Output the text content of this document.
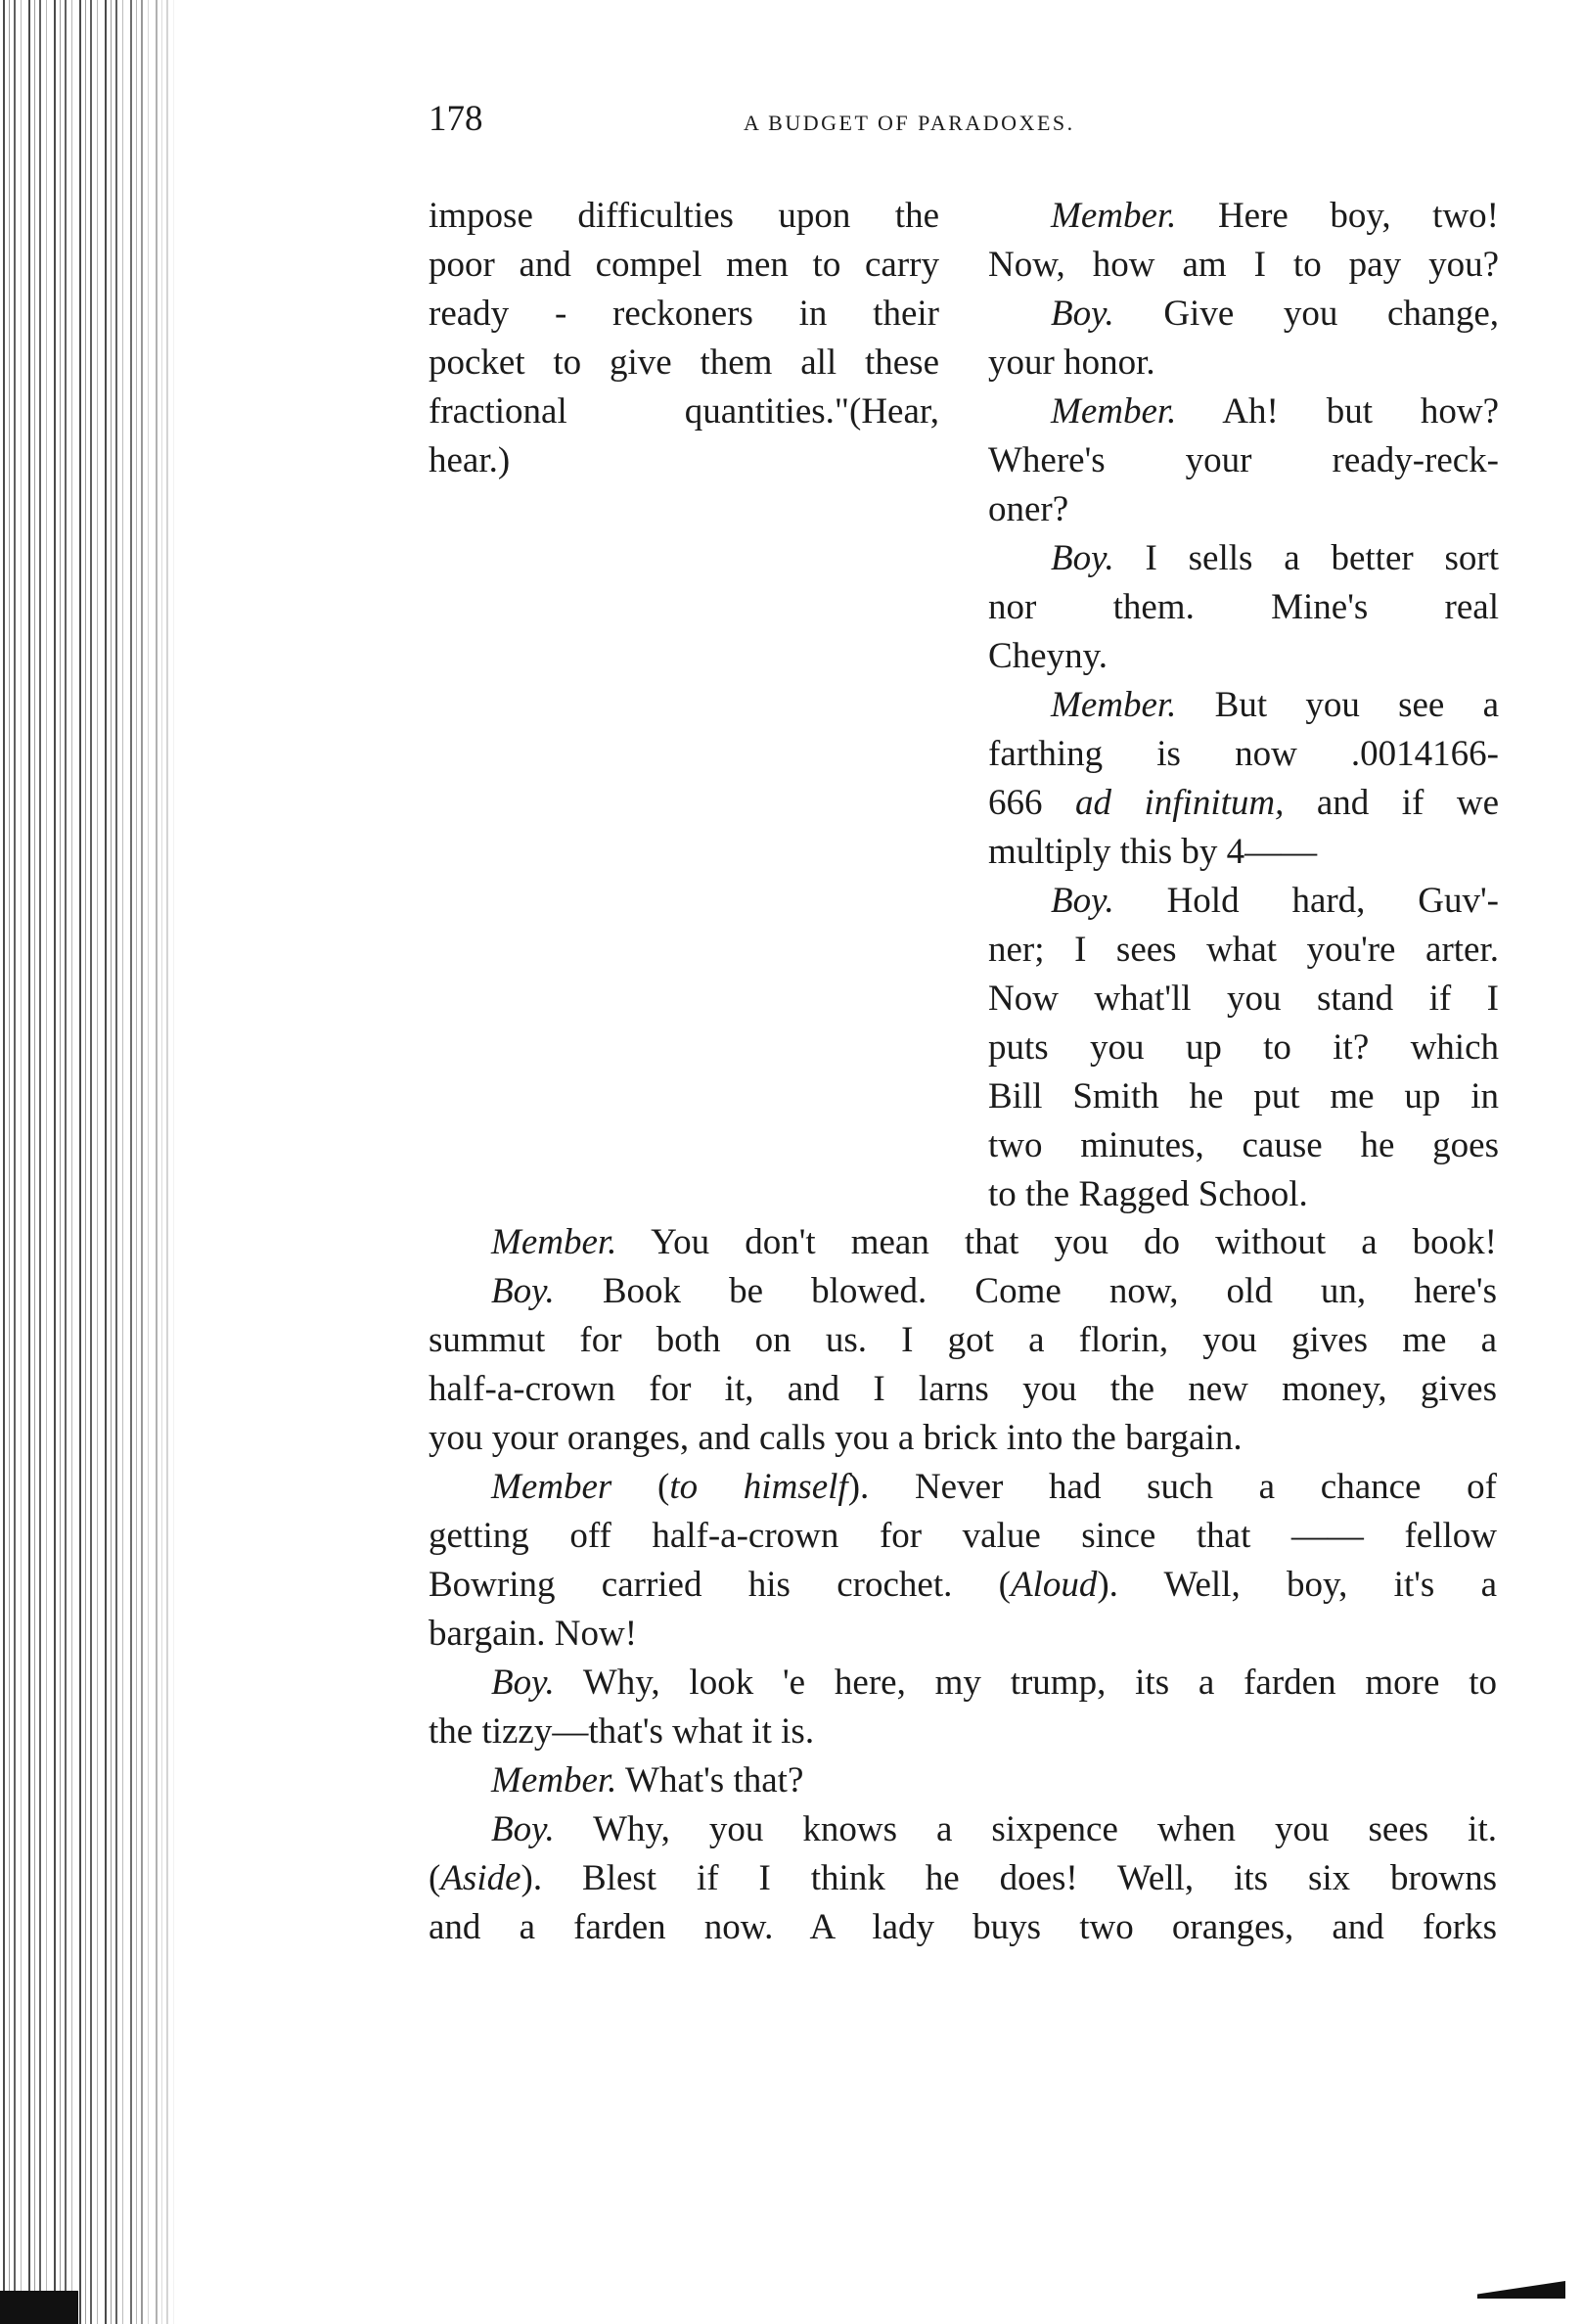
178	A BUDGET OF PARADOXES.
impose difficulties upon the
poor and compel men to carry
ready - reckoners in their
pocket to give them all these
fractional quantities."(Hear,
hear.)
Member. Here boy, two!
Now, how am I to pay you?
Boy. Give you change,
your honor.
Member. Ah! but how?
Where's your ready-reck-
oner?
Boy. I sells a better sort
nor them. Mine's real
Cheyny.
Member. But you see a
farthing is now .0014166-
666 ad infinitum, and if we
multiply this by 4——
Boy. Hold hard, Guv'-
ner; I sees what you're arter.
Now what'll you stand if I
puts you up to it? which
Bill Smith he put me up in
two minutes, cause he goes
to the Ragged School.
Member. You don't mean that you do without a book!
Boy. Book be blowed. Come now, old un, here's
summut for both on us. I got a florin, you gives me a
half-a-crown for it, and I larns you the new money, gives
you your oranges, and calls you a brick into the bargain.
Member (to himself). Never had such a chance of
getting off half-a-crown for value since that —— fellow
Bowring carried his crochet. (Aloud). Well, boy, it's a
bargain. Now!
Boy. Why, look 'e here, my trump, its a farden more to
the tizzy—that's what it is.
Member. What's that?
Boy. Why, you knows a sixpence when you sees it.
(Aside). Blest if I think he does! Well, its six browns
and a farden now. A lady buys two oranges, and forks
